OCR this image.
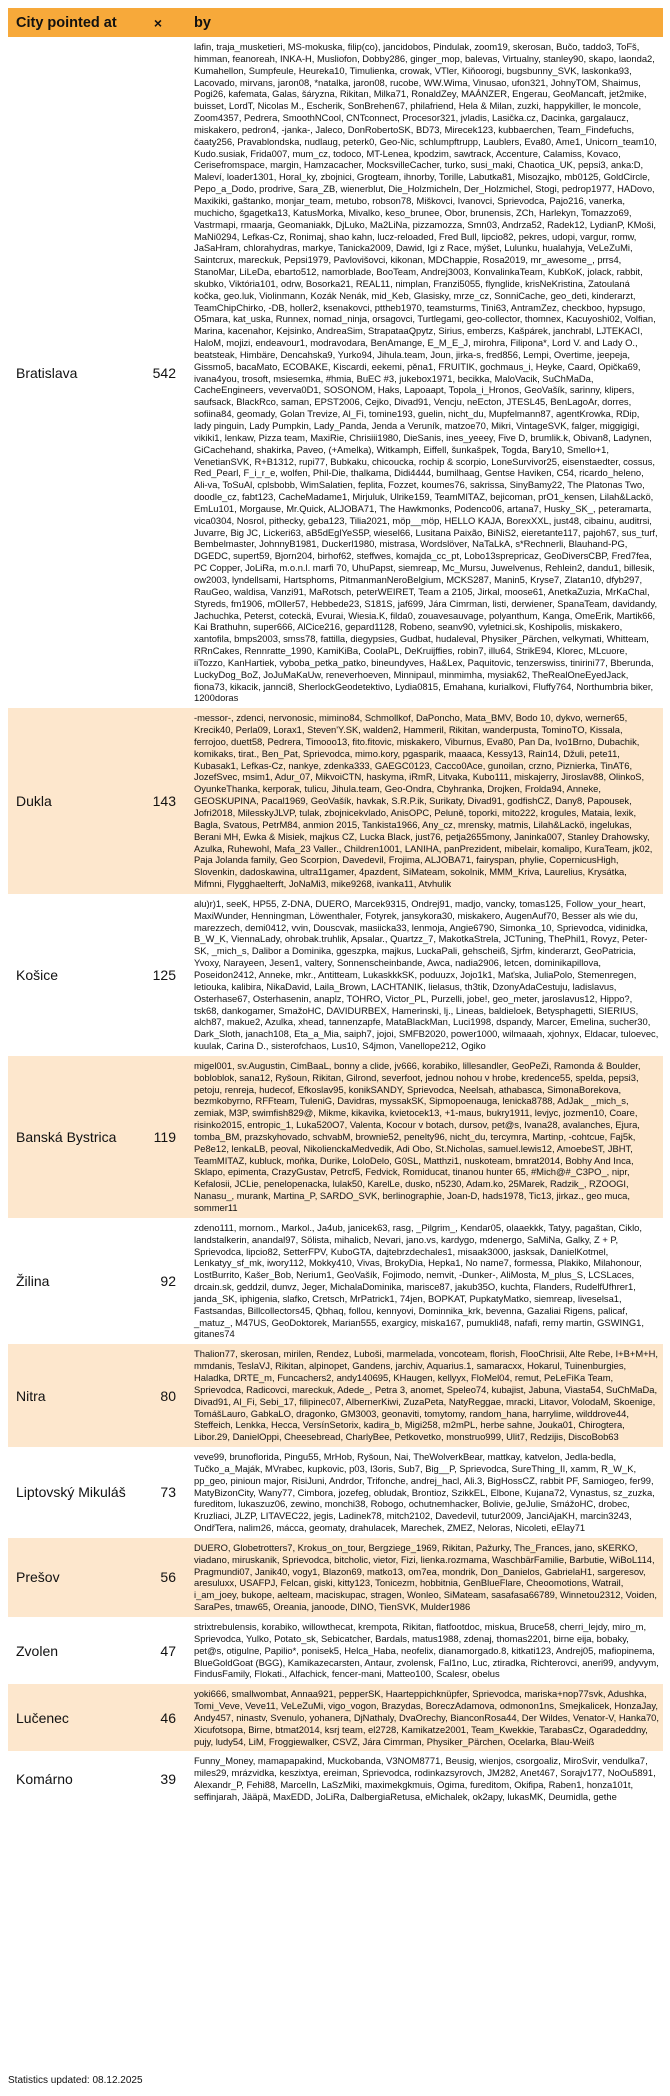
City pointed at	×	by
Bratislava	542	lafin, traja_musketieri, MS-mokuska, filip(co), jancidobos, Pindulak, zoom19, skerosan, Bučo, taddo3, ToFš, himman, feanoreah, INKA-H, Musliofon, Dobby286, ginger_mop, balevas, Virtualny, stanley90, skapo, laonda2, Kumahellon, Sumpfeule, Heureka10, Timulienka, crowak, VTler, Kiňoorogi, bugsbunny_SVK, laskonka93, Lacovado, mirvans, jaron08, *natalka, jaron08, rucobe, WW.Wima, Vinusao, ufon321, JohnyTOM, Shaimus, Pogi26, kafemata, Galas, šáryzna, Rikitan, Milka71, RonaldZey, MAÁNZER, Engerau, GeoMancaft, jet2mike, buisset, LordT, Nicolas M., Escherik, SonBrehen67, philafriend, Hela & Milan, zuzki, happykiller, le moncole, Zoom4357, Pedrera, SmoothNCool, CNTconnect, Procesor321, jvladis, Lasička.cz, Dacinka, gargalaucz, miskakero, pedron4, -janka-, Jaleco, DonRobertoSK, BD73, Mirecek123, kubbaerchen, Team_Findefuchs, čaaty256, Pravablondska, nudlaug, peterk0, Geo-Nic, schlumpftrupp, Laublers, Eva80, Ame1, Unicorn_team10, Kudo.susiak, Frida007, mum_cz, todoco, MT-Lenea, kpodzim, sawtrack, Accenture, Calamiss, Kovaco, Cerisefromspace, margin, Hamzacacher, MocksvilleCacher, turko, susi_maki, Chaotica_UK, pepsi3, anka:D, Maleví, loader1301, Horal_ky, zbojnici, Grogteam, ihnorby, Torille, Labutka81, Misozajko, mb0125, GoldCircle, Pepo_a_Dodo, prodrive, Sara_ZB, wienerblut, Die_Holzmicheln, Der_Holzmichel, Stogi, pedrop1977, HADovo, Maxikiki, gaštanko, monjar_team, metubo, robson78, Miškovci, Ivanovci, Sprievodca, Pajo216, vanerka, muchicho, šgagetka13, KatusMorka, Mivalko, keso_brunee, Obor, brunensis, ZCh, Harlekyn, Tomazzo69, Vastrmapi, rmaarja, Geomaniakk, DjLuko, Ma2LiNa, pizzamozza, Smn03, Andrza52, Radek12, LydianP, KMoši, MaNi0294, Lefkas-Cz, Ronimaj, shao kahn, lucz-reloaded, Fred Bull, lipcio82, pekres, udopi, vargur, romw, JaSaHram, chlorahydras, markye, Tanicka2009, Dawid, Igi z Race, mýšet, Lulunku, hualahyja, VeLeZuMi, Saintcrux, mareckuk, Pepsi1979, Pavlovišovci, kikonan, MDChappie, Rosa2019, mr_awesome_, prrs4, StanoMar, LiLeDa, ebarto512, namorblade, BooTeam, Andrej3003, KonvalinkaTeam, KubKoK, jolack, rabbit, skubko, Viktória101, odrw, Bosorka21, REAL11, nimplan, Franzi5055, flynglide, krisNeKristina, Zatoulaná kočka, geo.luk, Violinmann, Kozák Nenák, mid_Keb, Glasisky, mrze_cz, SonniCache, geo_deti, kinderarzt, TeamChipChirko, -DB, holler2, ksenakovci, pttheb1970, teamsturms, Tini63, AntramZez, checkboo, hypsugo, O5mara, kat_uska, Runnex, nomad_ninja, orsagovci, Turtlegami, geo-collector, thomnex, Kacuyoshi02, Volfian, Marina, kacenahor, Kejsinko, AndreaSim, StrapataaQpytz, Sirius, emberzs, Kašpárek, janchrabl, LJTEKACI, HaloM, mojizi, endeavour1, modravodara, BenAmange, E_M_E_J, mirohra, Filipona*, Lord V. and Lady O., beatsteak, Himbäre, Dencahska9, Yurko94, Jihula.team, Joun, jirka-s, fred856, Lempi, Overtime, jeepeja, Gissmo5, bacaMato, ECOBAKE, Kiscardi, eekemi, pěna1, FRUITIK, gochmaus_i, Heyke, Caard, Opička69, ivana4you, trosoft, msiesemka, #hmia, BuEC #3, jukebox1971, becikka, MaloVacik, SuChMaDa, CacheEngineers, veverva0D1, SOSONOM, Haks, Lapoaapt, Topola_i_Hronos, GeoVašík, sarinny, klipers, saufsack, BlackRco, saman, EPST2006, Cejko, Divad91, Vencju, neEcton, JTESL45, BenLagoAr, dorres, sofiina84, geomady, Golan Trevize, Al_Fi, tomine193, guelin, nicht_du, Mupfelmann87, agentKrowka, RDip, lady pinguin, Lady Pumpkin, Lady_Panda, Jenda a Veruník, matzoe70, Mikri, VintageSVK, falger, miggigigi, vikiki1, lenkaw, Pizza team, MaxiRie, Chrisiii1980, DieSanis, ines_yeeey, Five D, brumlik.k, Obivan8, Ladynen, GiCachehand, shakirka, Paveo, (+Amelka), Witkamph, Eiffell, šunkašpek, Togda, Bary10, Smello+1, VenetianSVK, R+B1312, rupi77, Bubkaku, chicoucka, rochip & scorpio, LoneSurvivor25, eisenstaedter, cossus, Red_Pearl, F_i_r_e, wolfen, Phil-Die, thalkama, Didi4444, bumilhaag, Gentse Haviken, C54, ricardo_heleno, Ali-va, ToSuAl, cplsbobb, WimSalatien, feplita, Fozzet, koumes76, sakrissa, SinyBamy22, The Platonas Two, doodle_cz, fabt123, CacheMadame1, Mirjuluk, Ulrike159, TeamMITAZ, bejicoman, prO1_kensen, Lilah&Lackö, EmLu101, Morgause, Mr.Quick, ALJOBA71, The Hawkmonks, Podenco06, artana7, Husky_SK_, peteramarta, vica0304, Nosrol, pithecky, geba123, Tilia2021, möp__möp, HELLO KAJA, BorexXXL, just48, cibainu, auditrsi, Juvarre, Big JC, Lickeri63, aB5dEglYeS5P, wiesel66, Lusitana Paixão, BiNiS2, eieretante117, pajoh67, sus_turf, Bembelmaster, JohnnyB1981, Duckerl1980, mistrasa, Wordslöver, NaTaLkA, s*Rechnerli, Blauhand-PG, DGEDC, supert59, Bjorn204, birhof62, steffwes, komajda_cc_pt, Lobo13sprepricaz, GeoDiversCBP, Fred7fea, PC Copper, JoLiRa, m.o.n.l. marfi 70, UhuPapst, siemreap, Mc_Mursu, Juwelvenus, Rehlein2, dandu1, billesik, ow2003, lyndellsami, Hartsphoms, PitmanmanNeroBelgium, MCKS287, Manin5, Kryse7, Zlatan10, dfyb297, RauGeo, waldisa, Vanzi91, MaRotsch, peterWEIRET, Team a 2105, Jirkal, moose61, AnetkaZuzia, MrKaChal, Styreds, fm1906, mOller57, Hebbede23, S181S, jaf699, Jára Cimrman, listi, derwiener, SpanaTeam, davidandy, Jachuchka, Peterst, coteckä, Evurai, Wiesia.K, filda0, zouavesauvage, polyanthum, Kanga, OmeErik, Martik66, Kai Brathuhn, super666, AlCice216, gepard1128, Robeno, seanv90, vyletnici.sk, Koshipolis, miskakero, xantofila, bmps2003, smss78, fattilla, diegypsies, Gudbat, hudaleval, Physiker_Pärchen, velkymati, Whitteam, RRnCakes, Rennratte_1990, KamiKiBa, CoolaPL, DeKruijffies, robin7, illu64, StrikE94, Klorec, MLcuore, iiTozzo, KanHartiek, vyboba_petka_patko, bineundyves, Ha&Lex, Paquitovic, tenzerswiss, tinirini77, Bberunda, LuckyDog_BoZ, JoJuMaKaUw, reneverhoeven, Minnipaul, minmimha, mysiak62, TheRealOneEyedJack, fiona73, kikacik, jannci8, SherlockGeodetektivo, Lydia0815, Emahana, kurialkovi, Fluffy764, Northumbria biker, 1200doras
Dukla	143	-messor-, zdenci, nervonosic, mimino84, Schmollkof, DaPoncho, Mata_BMV, Bodo 10, dykvo, werner65, Krecik40, Perla09, Lorax1, Steven'Y.SK, walden2, Hammeril, Rikitan, wanderpusta, TominoTO, Kissala, ferrojoo, duett58, Pedrera, Timooo13, fito.fitovic, miskakero, Viburnus, Eva80, Pan Da, Ivo1Brno, Dubachik, komikaks, tirat., Ben_Pat, Sprievodca, mimo.kory, pgasparik, maaaca, Kessy13, Rain14, Džuli, pete11, Kubasak1, Lefkas-Cz, nankye, zdenka333, GAEGC0123, Cacco0Ace, gunoilan, crzno, Piznierka, TinAT6, JozefSvec, msim1, Adur_07, MikvoiCTN, haskyma, iRmR, Litvaka, Kubo111, miskajerry, Jiroslav88, OlinkoS, OyunkeThanka, kerporak, tulicu, Jihula.team, Geo-Ondra, Cbyhranka, Drojken, Frolda94, Anneke, GEOSKUPINA, Pacal1969, GeoVašík, havkak, S.R.P.ik, Surikaty, Divad91, godfishCZ, Dany8, Papousek, Jofri2018, MilesskyJLVP, tulak, zbojnicekvlado, AnisOPC, Peluně, toporki, mito222, krogules, Mataia, lexik, Bagla, Svatous, PetrM84, anmion 2015, Tankista1966, Any_cz, mrensky, matmis, Lilah&Lackö, ingelukas, Berani MH, Ewka & Misiek, majkus CZ, Lucka Black, just76, petja2655mony, Janinka007, Stanley Drahowsky, Azulka, Ruhewohl, Mafa_23 Valler., Children1001, LANIHA, panPrezident, mibelair, komalipo, KuraTeam, jk02, Paja Jolanda family, Geo Scorpion, Davedevil, Frojima, ALJOBA71, fairyspan, phylie, CopernicusHigh, Slovenkin, dadoskawina, ultra11gamer, 4pazdent, SiMateam, sokolnik, MMM_Kriva, Laurelius, Krysátka, Mifmni, Flygghaelterft, JoNaMi3, mike9268, ivanka11, Atvhulik
Košice	125	alu)r)1, seeK, HP55, Z-DNA, DUERO, Marcek9315, Ondrej91, madjo, vancky, tomas125, Follow_your_heart, MaxiWunder, Henningman, Löwenthaler, Fotyrek, jansykora30, miskakero, AugenAuf70, Besser als wie du, marezzech, demi0412, vvin, Douscvak, masiicka33, lenmoja, Angie6790, Simonka_10, Sprievodca, vidinidka, B_W_K, ViennaLady, ohrobak.truhlik, Apsalar., Quartzz_7, MakotkaStrela, JCTuning, ThePhil1, Rovyz, Peter-SK, _mich_s, Dalibor a Dominika, ggeszpka, majkus, LuckaPali, gehscheiß, Sjrfm, kinderarzt, GeoPatricia, Yvoxy, Narayeen, Jesen1, valtery, Sonnenscheinbande, Awca, nadia2906, letcen, dominikapillova, Poseidon2412, Anneke, mkr., Antitteam, LukaskkkSK, poduuzx, Jojo1k1, Maťska, JuliaPolo, Stemenregen, letiouka, kalibira, NikaDavid, Laila_Brown, LACHTANIK, lielasus, th3tik, DzonyAdaCestuju, ladislavus, Osterhase67, Osterhasenin, anaplz, TOHRO, Victor_PL, Purzelli, jobe!, geo_meter, jaroslavus12, Hippo?, tsk68, dankogamer, SmažoHC, DAVIDURBEX, Hamerinski, lj., Lineas, baldieloek, Betysphagetti, SIERIUS, alch87, makue2, Azulka, xhead, tannenzapfe, MataBlackMan, Luci1998, dspandy, Marcer, Emelina, sucher30, Dark_Sloth, janach108, Eta_a_Mia, saiph7, jojoi, SMFB2020, power1000, wilmaaah, xjohnyx, Eldacar, tuloevec, kuulak, Carina D., sisterofchaos, Lus10, S4jmon, Vanellope212, Ogiko
Banská Bystrica	119	migel001, sv.Augustin, CimBaaL, bonny a clide, jv666, korabiko, lillesandler, GeoPeZi, Ramonda & Boulder, bobloblok, sana12, Ryšoun, Rikitan, Gilrond, severfoot, jednou nohou v hrobe, kredence55, spelda, pepsi3, petoju, renreja, hudecof, Efkoslav95, konikSANDY, Sprievodca, Neelsah, athabasca, SimonaBorekova, bezmkobyrno, RFFteam, TuleniG, Davidras, myssakSK, Sipmopoenauga, lenicka8788, AdJak_ _mich_s, zemiak, M3P, swimfish829@, Mikme, kikavika, kvietocek13, +1-maus, bukry1911, levjyc, jozmen10, Coare, risinko2015, entropic_1, Luka520O7, Valenta, Kocour v botach, dursov, pet@s, Ivana28, avalanches, Ejura, tomba_BM, prazskyhovado, schvabM, brownie52, penelty96, nicht_du, tercymra, Martinp, -cohtcue, Faj5k, Pe8e12, lenkaLB, peoval, NikolienckaMedvedik, Adi Obo, St.Nicholas, samuel.lewis12, AmoebeST, JBHT, TeamMITAZ, kubluck, moňka, Durike, LoloDelo, G0SL, Matthzi1, nuskoteam, bmrat2014, Bobhy And Inca, Sklapo, epimenta, CrazyGustav, Petrcf5, Fedvick, Romiducat, tinanou hunter 65, #Mich@#_C3PO_, nipr, Kefalosii, JCLie, penelopenacka, lulak50, KarelLe, dusko, n5230, Adam.ko, 25Marek, Radzik_, RZOOGI, Nanasu_, murank, Martina_P, SARDO_SVK, berlinographie, Joan-D, hads1978, Tic13, jirkaz., geo muca, sommer11
Žilina	92	zdeno111, mornom., Markol., Ja4ub, janicek63, rasg, _Pilgrim_, Kendar05, olaaekkk, Tatyy, pagaštan, Ciklo, landstalkerin, anandal97, Sölista, mihalicb, Nevari, jano.vs, kardygo, mdenergo, SaMiNa, Galky, Z + P, Sprievodca, lipcio82, SetterFPV, KuboGTA, dajtebrzdechales1, misaak3000, jasksak, DanielKotmel, Lenkatyy_sf_mk, iwory112, Mokky410, Vivas, BrokyDia, Hepka1, No name7, formessa, Plakiko, Milahonour, LostBurrito, Kašer_Bob, Nerium1, GeoVašík, Fojimodo, nemvit, -Dunker-, AliMosta, M_plus_S, LCSLaces, drcain.sk, geddzil, dunvz, Jeger, MichalaDominika, marisce87, jakub35O, kuchta, Flanders, RudelfUfhrer1, janda_SK, iphigenia, slafko, Cretsch, MrPatrick1, 74jen, BOPKAT, PupkatyMatko, siemreap, liveselsa1, Fastsandas, Billcollectors45, Qbhaq, follou, kennyovi, Dominnika_krk, bevenna, Gazaliai Rigens, palicaf, _matuz_, M47US, GeoDoktorek, Marian555, exargicy, miska167, pumukli48, nafafi, remy martin, GSWING1, gitanes74
Nitra	80	Thalion77, skerosan, mirilen, Rendez, Luboši, marmelada, voncoteam, florish, FlooChrisii, Alte Rebe, I+B+M+H, mmdanis, TeslaVJ, Rikitan, alpinopet, Gandens, jarchiv, Aquarius.1, samaracxx, Hokarul, Tuinenburgies, Haladka, DRTE_m, Funcachers2, andy140695, KHaugen, kellyyx, FloMel04, remut, PeLeFiKa Team, Sprievodca, Radicovci, mareckuk, Adede_, Petra 3, anomet, Speleo74, kubajist, Jabuna, Viasta54, SuChMaDa, Divad91, Al_Fi, Sebi_17, filipinec07, AlbernerKiwi, ZuzaPeta, NatyReggae, mracki, Litavor, VolodaM, Skoenige, TomášLauro, GabkaLO, dragonko, GM3003, geonaviti, tomytomy, random_hana, harrylime, wilddrove44, Steffeich, Lenkka, Hecca, VersínSetorix, kadira_b, Migi258, m2mPL, herbe sahne, Jouka01, Chirogtera, Libor.29, DanielOppi, Cheesebread, CharlyBee, Petkovetko, monstruo999, Ulit7, Redzijis, DiscoBob63
Liptovský Mikuláš	73	veve99, brunoflorida, Pingu55, MrHob, Ryšoun, Nai, TheWolverkBear, mattkay, katvelon, Jedla-bedla, Tučko_a_Maják, MVrabec, kupkovic, p03, I3oris, Sub7, Big__P, Sprievodca, SureThing_II, xamm, R_W_K, pp_geo, pinioun major, RisiJuni, Andrdor, Trifonche, andrej_hacl, Ali.3, BigHossCZ, rabbit PF, Samiogeo, fer99, MatyBizonCity, Wany77, Cimbora, jozefeg, obludak, Brontioz, SzikkEL, Elbone, Kujana72, Vynastus, sz_zuzka, fureditom, lukaszuz06, zewino, monchi38, Robogo, ochutnemhacker, Bolivie, geJulie, SmážoHC, drobec, Kruzliaci, JLZP, LITAVEC22, jegis, Ladinek78, mitch2102, Davedevil, tutur2009, JanciAjaKH, marcin3243, OndřTera, nalim26, mácca, geomaty, drahulacek, Marechek, ZMEZ, Neloras, Nicoleti, eElay71
Prešov	56	DUERO, Globetrotters7, Krokus_on_tour, Bergziege_1969, Rikitan, Pažurky, The_Frances, jano, sKERKO, viadano, miruskanik, Sprievodca, bitcholic, vietor, Fizi, lienka.rozmama, WaschbärFamilie, Barbutie, WiBoL114, Pragmundi07, Janik40, vogy1, Blazon69, matko13, om7ea, mondrik, Don_Danielos, GabrielaH1, sargeresov, aresuluxx, USAFPJ, Felcan, giski, kitty123, Tonicezm, hobbitnia, GenBlueFlare, Cheoomotions, Watrail, i_am_joey, bukope, aelteam, maciskupac, stragen, Wonleo, SiMateam, sasafasa66789, Winnetou2312, Voiden, SaraPes, tmaw65, Oreania, janoode, DINO, TienSVK, Mulder1986
Zvolen	47	strixtrebulensis, korabiko, willowthecat, krempota, Rikitan, flatfootdoc, miskua, Bruce58, cherri_lejdy, miro_m, Sprievodca, Yulko, Potato_sk, Sebicatcher, Bardals, matus1988, zdenaj, thomas2201, birne eija, bobaky, pet@s, otigulne, Papilio*, ponisek5, Helca_Haba, neofelix, dianamorgado.8, kitkati123, Andrej05, mafiopinema, BlueGoldGoat (BGG), Kamikazecarsten, Antaur, zvolensk, Fal1no, Luc, ztiradka, Richterovci, aneri99, andyvym, FindusFamily, Flokati., Alfachick, fencer-mani, Matteo100, Scalesr, obelus
Lučenec	46	yoki666, smallwombat, Annaa921, pepperSK, Haarteppichknüpfer, Sprievodca, mariska+nop77svk, Adushka, Tomi_Veve, Veve11, VeLeZuMi, vigo_vogon, Brazydas, BoreczAdamova, odmonon1ns, Smejkalicek, HonzaJay, Andy457, ninastv, Svenulo, yohanera, DjNathaly, DvaOrechy, BianconRosa44, Der Wildes, Venator-V, Hanka70, Xicufotsopa, Birne, btmat2014, ksrj team, el2728, Kamikatze2001, Team_Kwekkie, TarabasCz, Ogaradeddny, pujy, ludy54, LiM, Froggiewalker, CSVZ, Jára Cimrman, Physiker_Pärchen, Ocelarka, Blau-Weiß
Komárno	39	Funny_Money, mamapapakind, Muckobanda, V3NOM8771, Beusig, wienjos, csorgoaliz, MiroSvir, vendulka7, miles29, mrázvidka, keszixtya, ereiman, Sprievodca, rodinkazsyrovch, JM282, Anet467, Sorajv177, NoOu5891, Alexandr_P, Fehi88, MarcelIn, LaSzMiki, maximekgkmuis, Ogima, fureditom, Okifipa, Raben1, honza101t, seffinjarah, Jääpä, MaxEDD, JoLiRa, DalbergiaRetusa, eMichalek, ok2apy, lukasMK, Deumidla, gethe
Statistics updated: 08.12.2025
